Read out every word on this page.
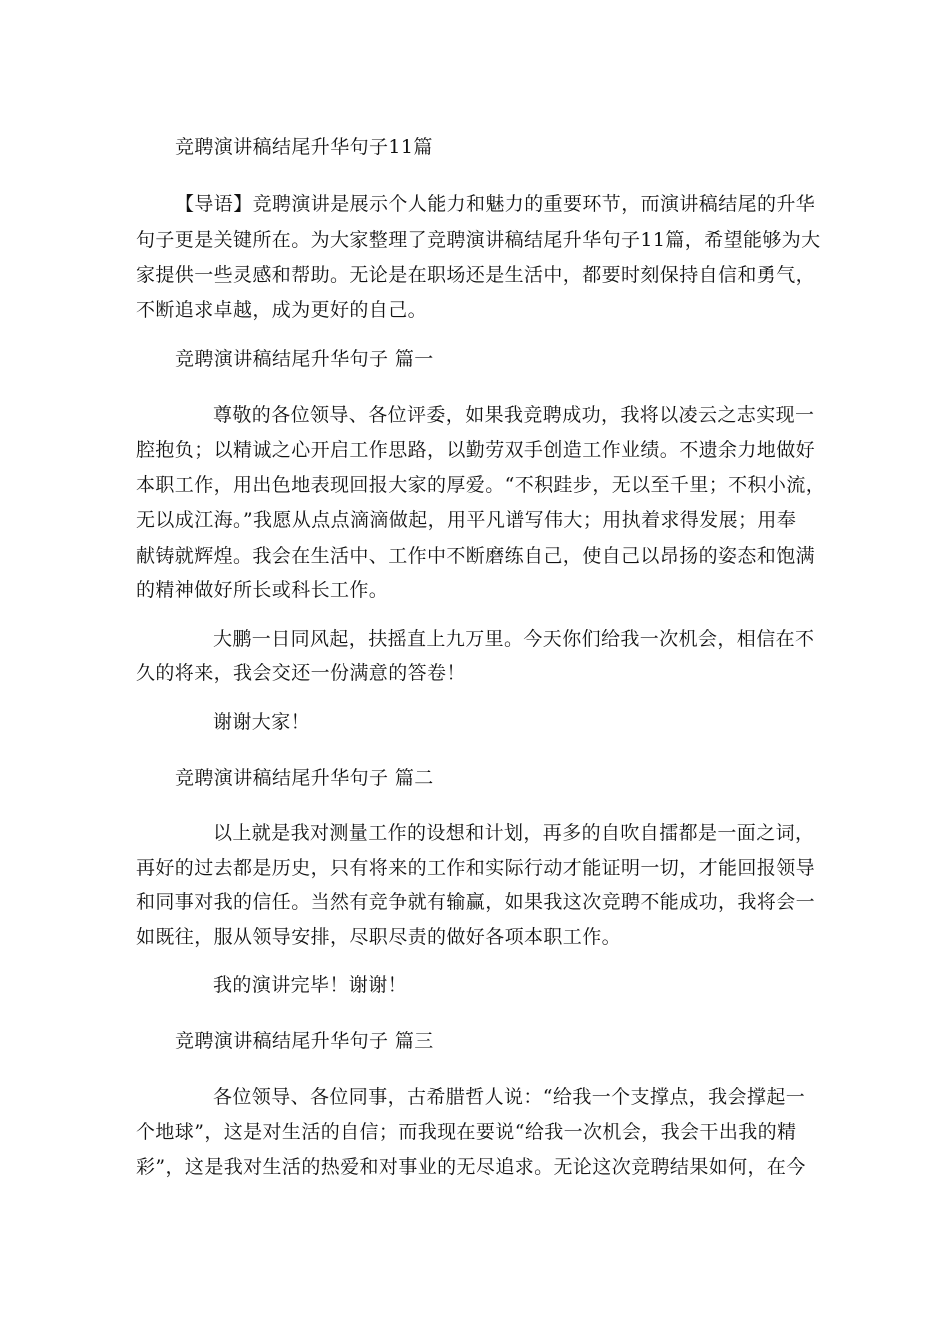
竞聘演讲稿结尾升华句子11篇
【导语】竞聘演讲是展示个人能力和魅力的重要环节，而演讲稿结尾的升华
句子更是关键所在。为大家整理了竞聘演讲稿结尾升华句子11篇，希望能够为大
家提供一些灵感和帮助。无论是在职场还是生活中，都要时刻保持自信和勇气，
不断追求卓越，成为更好的自己。
竞聘演讲稿结尾升华句子 篇一
尊敬的各位领导、各位评委，如果我竞聘成功，我将以凌云之志实现一
腔抱负；以精诚之心开启工作思路，以勤劳双手创造工作业绩。不遗余力地做好
本职工作，用出色地表现回报大家的厚爱。“不积跬步，无以至千里；不积小流，
无以成江海。”我愿从点点滴滴做起，用平凡谱写伟大；用执着求得发展；用奉
献铸就辉煌。我会在生活中、工作中不断磨练自己，使自己以昂扬的姿态和饱满
的精神做好所长或科长工作。
大鹏一日同风起，扶摇直上九万里。今天你们给我一次机会，相信在不
久的将来，我会交还一份满意的答卷！
谢谢大家！
竞聘演讲稿结尾升华句子 篇二
以上就是我对测量工作的设想和计划，再多的自吹自擂都是一面之词，
再好的过去都是历史，只有将来的工作和实际行动才能证明一切，才能回报领导
和同事对我的信任。当然有竞争就有输赢，如果我这次竞聘不能成功，我将会一
如既往，服从领导安排，尽职尽责的做好各项本职工作。
我的演讲完毕！谢谢！
竞聘演讲稿结尾升华句子 篇三
各位领导、各位同事，古希腊哲人说：“给我一个支撑点，我会撑起一
个地球”，这是对生活的自信；而我现在要说“给我一次机会，我会干出我的精
彩”，这是我对生活的热爱和对事业的无尽追求。无论这次竞聘结果如何，在今
